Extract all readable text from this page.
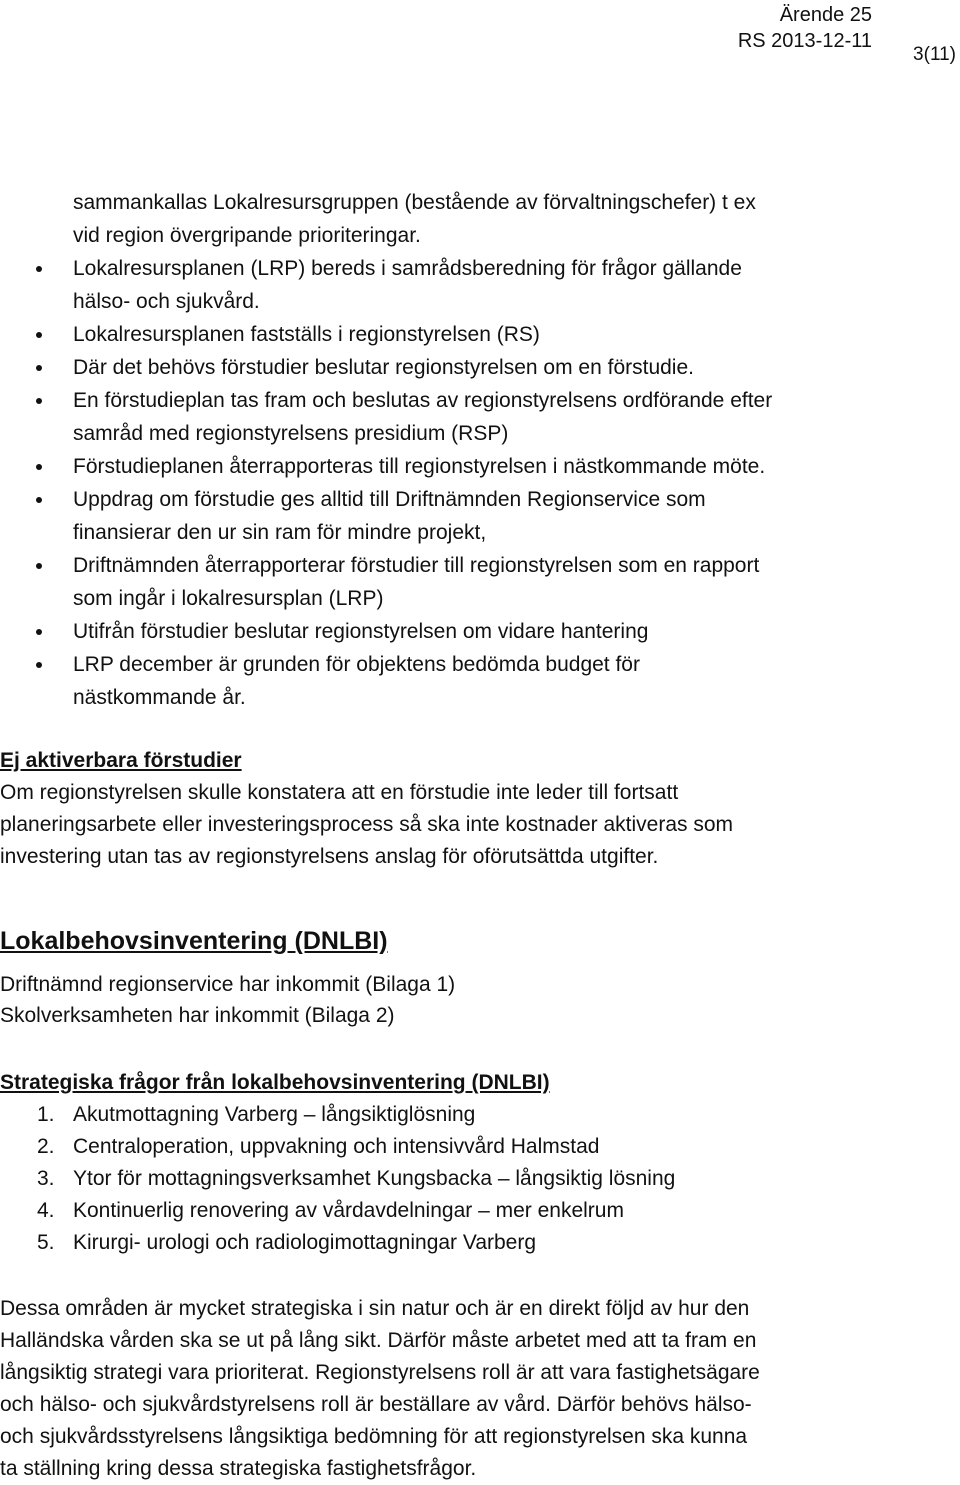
Ärende 25
RS 2013-12-11
3(11)
sammankallas Lokalresursgruppen (bestående av förvaltningschefer) t ex
vid region övergripande prioriteringar.
Lokalresursplanen (LRP) bereds i samrådsberedning för frågor gällande
hälso- och sjukvård.
Lokalresursplanen fastställs i regionstyrelsen (RS)
Där det behövs förstudier beslutar regionstyrelsen om en förstudie.
En förstudieplan tas fram och beslutas av regionstyrelsens ordförande efter
samråd med regionstyrelsens presidium (RSP)
Förstudieplanen återrapporteras till regionstyrelsen i nästkommande möte.
Uppdrag om förstudie ges alltid till Driftnämnden Regionservice som
finansierar den ur sin ram för mindre projekt,
Driftnämnden återrapporterar förstudier till regionstyrelsen som en rapport
som ingår i lokalresursplan (LRP)
Utifrån förstudier beslutar regionstyrelsen om vidare hantering
LRP december är grunden för objektens bedömda budget för
nästkommande år.
Ej aktiverbara förstudier
Om regionstyrelsen skulle konstatera att en förstudie inte leder till fortsatt
planeringsarbete eller investeringsprocess så ska inte kostnader aktiveras som
investering utan tas av regionstyrelsens anslag för oförutsättda utgifter.
Lokalbehovsinventering (DNLBI)
Driftnämnd regionservice har inkommit (Bilaga 1)
Skolverksamheten har inkommit (Bilaga 2)
Strategiska frågor från lokalbehovsinventering (DNLBI)
1. Akutmottagning Varberg – långsiktiglösning
2. Centraloperation, uppvakning och intensivvård Halmstad
3. Ytor för mottagningsverksamhet Kungsbacka – långsiktig lösning
4. Kontinuerlig renovering av vårdavdelningar – mer enkelrum
5. Kirurgi- urologi och radiologimottagningar Varberg
Dessa områden är mycket strategiska i sin natur och är en direkt följd av hur den
Halländska vården ska se ut på lång sikt. Därför måste arbetet med att ta fram en
långsiktig strategi vara prioriterat. Regionstyrelsens roll är att vara fastighetsägare
och hälso- och sjukvårdstyrelsens roll är beställare av vård. Därför behövs hälso-
och sjukvårdsstyrelsens långsiktiga bedömning för att regionstyrelsen ska kunna
ta ställning kring dessa strategiska fastighetsfrågor.
